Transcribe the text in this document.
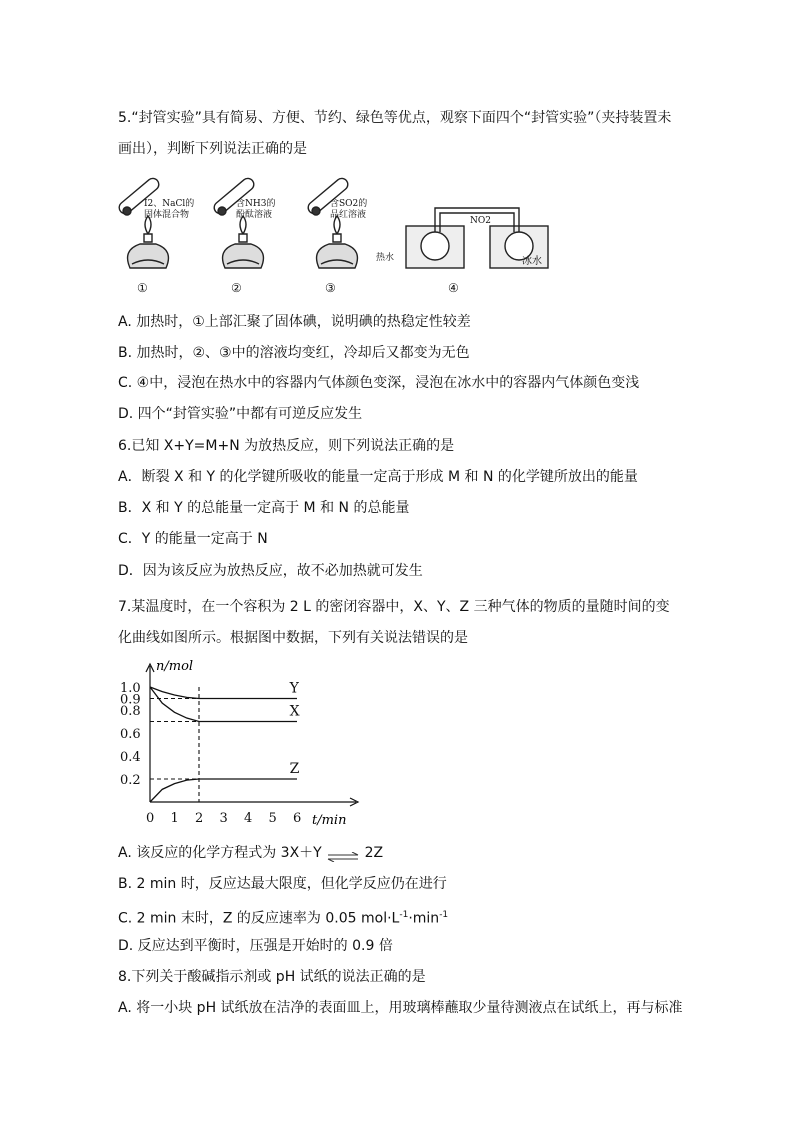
5.“封管实验”具有简易、方便、节约、绿色等优点，观察下面四个“封管实验”（夹持装置未画出），判断下列说法正确的是
I2、NaCl的
固体混合物
含NH3的
酚酞溶液
含SO2的
品红溶液
NO2
热水	冰水
①	②	③	④
A. 加热时，①上部汇聚了固体碘，说明碘的热稳定性较差
B. 加热时，②、③中的溶液均变红，冷却后又都变为无色
C. ④中，浸泡在热水中的容器内气体颜色变深，浸泡在冰水中的容器内气体颜色变浅
D. 四个“封管实验”中都有可逆反应发生
6.已知 X+Y=M+N 为放热反应，则下列说法正确的是
A．断裂 X 和 Y 的化学键所吸收的能量一定高于形成 M 和 N 的化学键所放出的能量
B．X 和 Y 的总能量一定高于 M 和 N 的总能量
C．Y 的能量一定高于 N
D．因为该反应为放热反应，故不必加热就可发生
7.某温度时，在一个容积为 2 L 的密闭容器中，X、Y、Z 三种气体的物质的量随时间的变化曲线如图所示。根据图中数据，下列有关说法错误的是
0 1 2 3 4 5 6
0.2
0.4
0.6
0.8
0.9
1.0	Y
X
Z
n/mol
t/min
A. 该反应的化学方程式为 3X＋Y ⇌ 2Z
B. 2 min 时，反应达最大限度，但化学反应仍在进行
C. 2 min 末时，Z 的反应速率为 0.05 $mol\cdot L^{-1}\cdot\min^{-1}$
D. 反应达到平衡时，压强是开始时的 0.9 倍
8.下列关于酸碱指示剂或 pH 试纸的说法正确的是
A. 将一小块 pH 试纸放在洁净的表面皿上，用玻璃棒蘸取少量待测液点在试纸上，再与标准
